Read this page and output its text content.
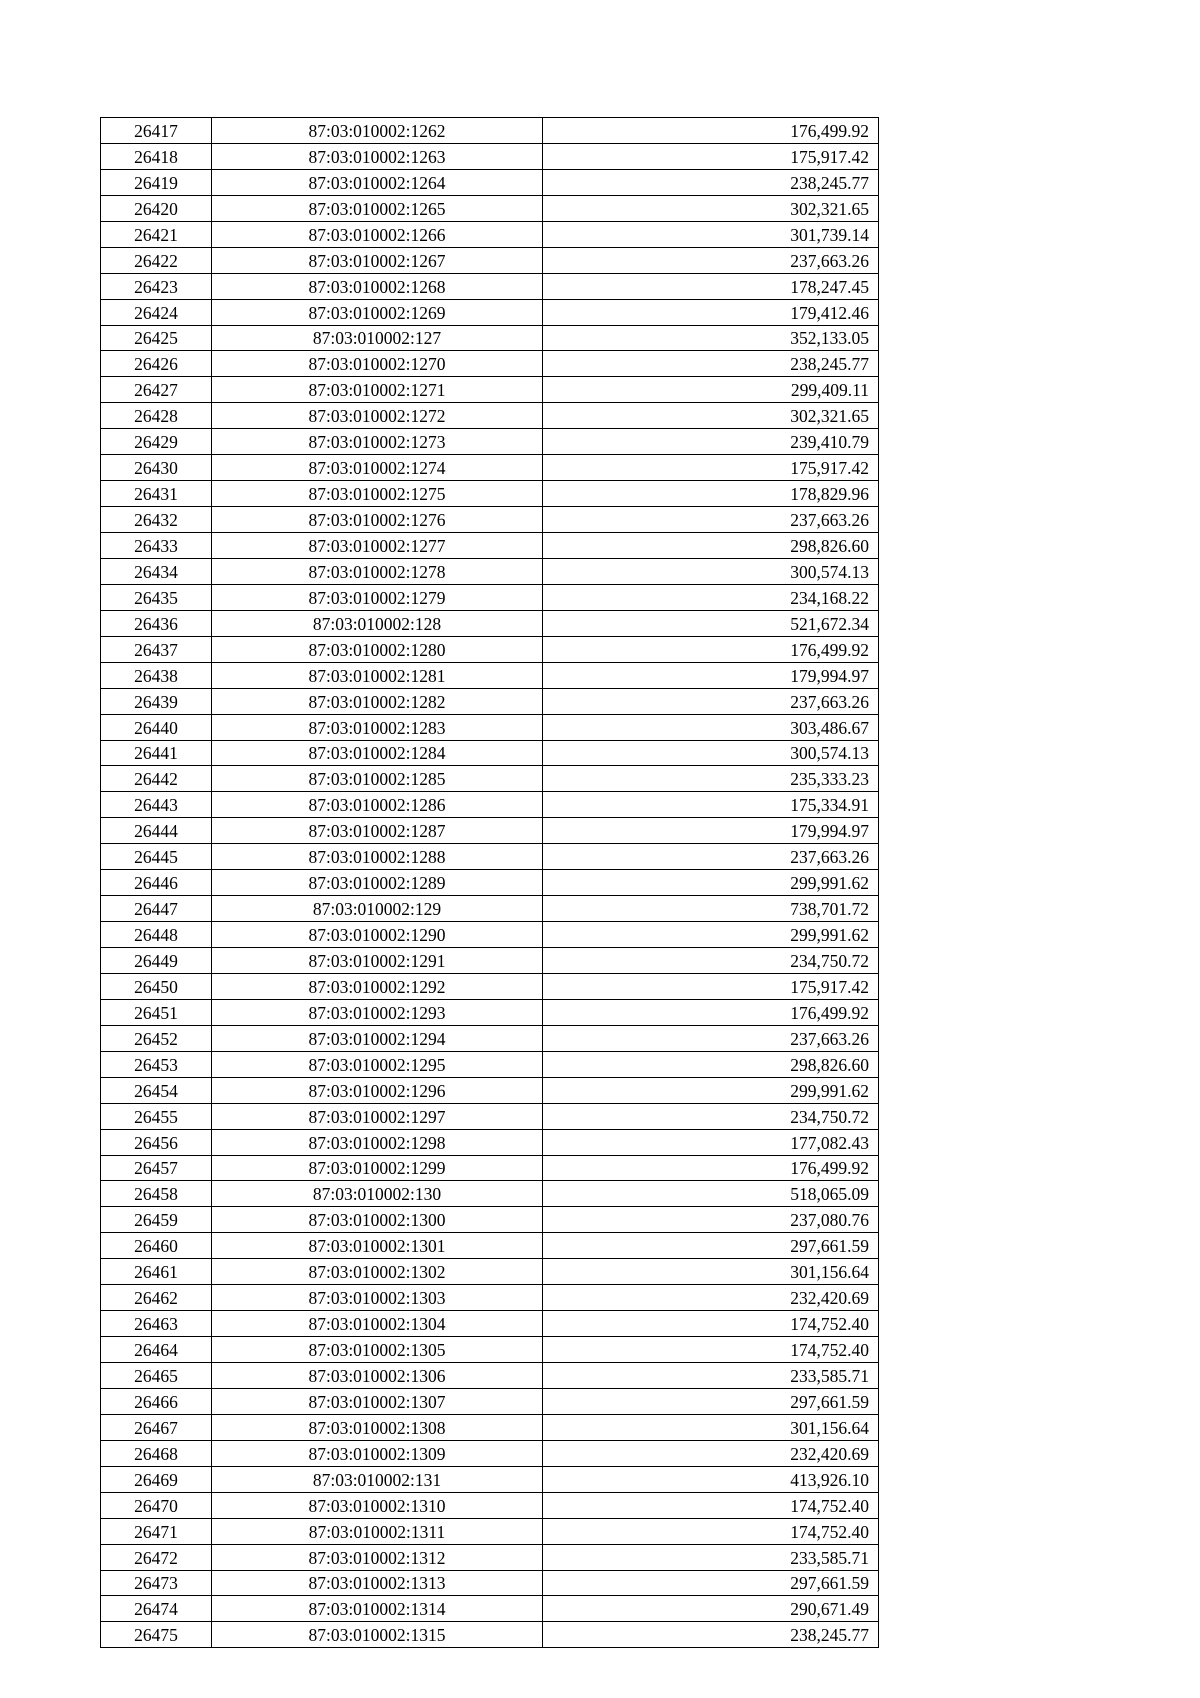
26417	87:03:010002:1262	176,499.92
26418	87:03:010002:1263	175,917.42
26419	87:03:010002:1264	238,245.77
26420	87:03:010002:1265	302,321.65
26421	87:03:010002:1266	301,739.14
26422	87:03:010002:1267	237,663.26
26423	87:03:010002:1268	178,247.45
26424	87:03:010002:1269	179,412.46
26425	87:03:010002:127	352,133.05
26426	87:03:010002:1270	238,245.77
26427	87:03:010002:1271	299,409.11
26428	87:03:010002:1272	302,321.65
26429	87:03:010002:1273	239,410.79
26430	87:03:010002:1274	175,917.42
26431	87:03:010002:1275	178,829.96
26432	87:03:010002:1276	237,663.26
26433	87:03:010002:1277	298,826.60
26434	87:03:010002:1278	300,574.13
26435	87:03:010002:1279	234,168.22
26436	87:03:010002:128	521,672.34
26437	87:03:010002:1280	176,499.92
26438	87:03:010002:1281	179,994.97
26439	87:03:010002:1282	237,663.26
26440	87:03:010002:1283	303,486.67
26441	87:03:010002:1284	300,574.13
26442	87:03:010002:1285	235,333.23
26443	87:03:010002:1286	175,334.91
26444	87:03:010002:1287	179,994.97
26445	87:03:010002:1288	237,663.26
26446	87:03:010002:1289	299,991.62
26447	87:03:010002:129	738,701.72
26448	87:03:010002:1290	299,991.62
26449	87:03:010002:1291	234,750.72
26450	87:03:010002:1292	175,917.42
26451	87:03:010002:1293	176,499.92
26452	87:03:010002:1294	237,663.26
26453	87:03:010002:1295	298,826.60
26454	87:03:010002:1296	299,991.62
26455	87:03:010002:1297	234,750.72
26456	87:03:010002:1298	177,082.43
26457	87:03:010002:1299	176,499.92
26458	87:03:010002:130	518,065.09
26459	87:03:010002:1300	237,080.76
26460	87:03:010002:1301	297,661.59
26461	87:03:010002:1302	301,156.64
26462	87:03:010002:1303	232,420.69
26463	87:03:010002:1304	174,752.40
26464	87:03:010002:1305	174,752.40
26465	87:03:010002:1306	233,585.71
26466	87:03:010002:1307	297,661.59
26467	87:03:010002:1308	301,156.64
26468	87:03:010002:1309	232,420.69
26469	87:03:010002:131	413,926.10
26470	87:03:010002:1310	174,752.40
26471	87:03:010002:1311	174,752.40
26472	87:03:010002:1312	233,585.71
26473	87:03:010002:1313	297,661.59
26474	87:03:010002:1314	290,671.49
26475	87:03:010002:1315	238,245.77
